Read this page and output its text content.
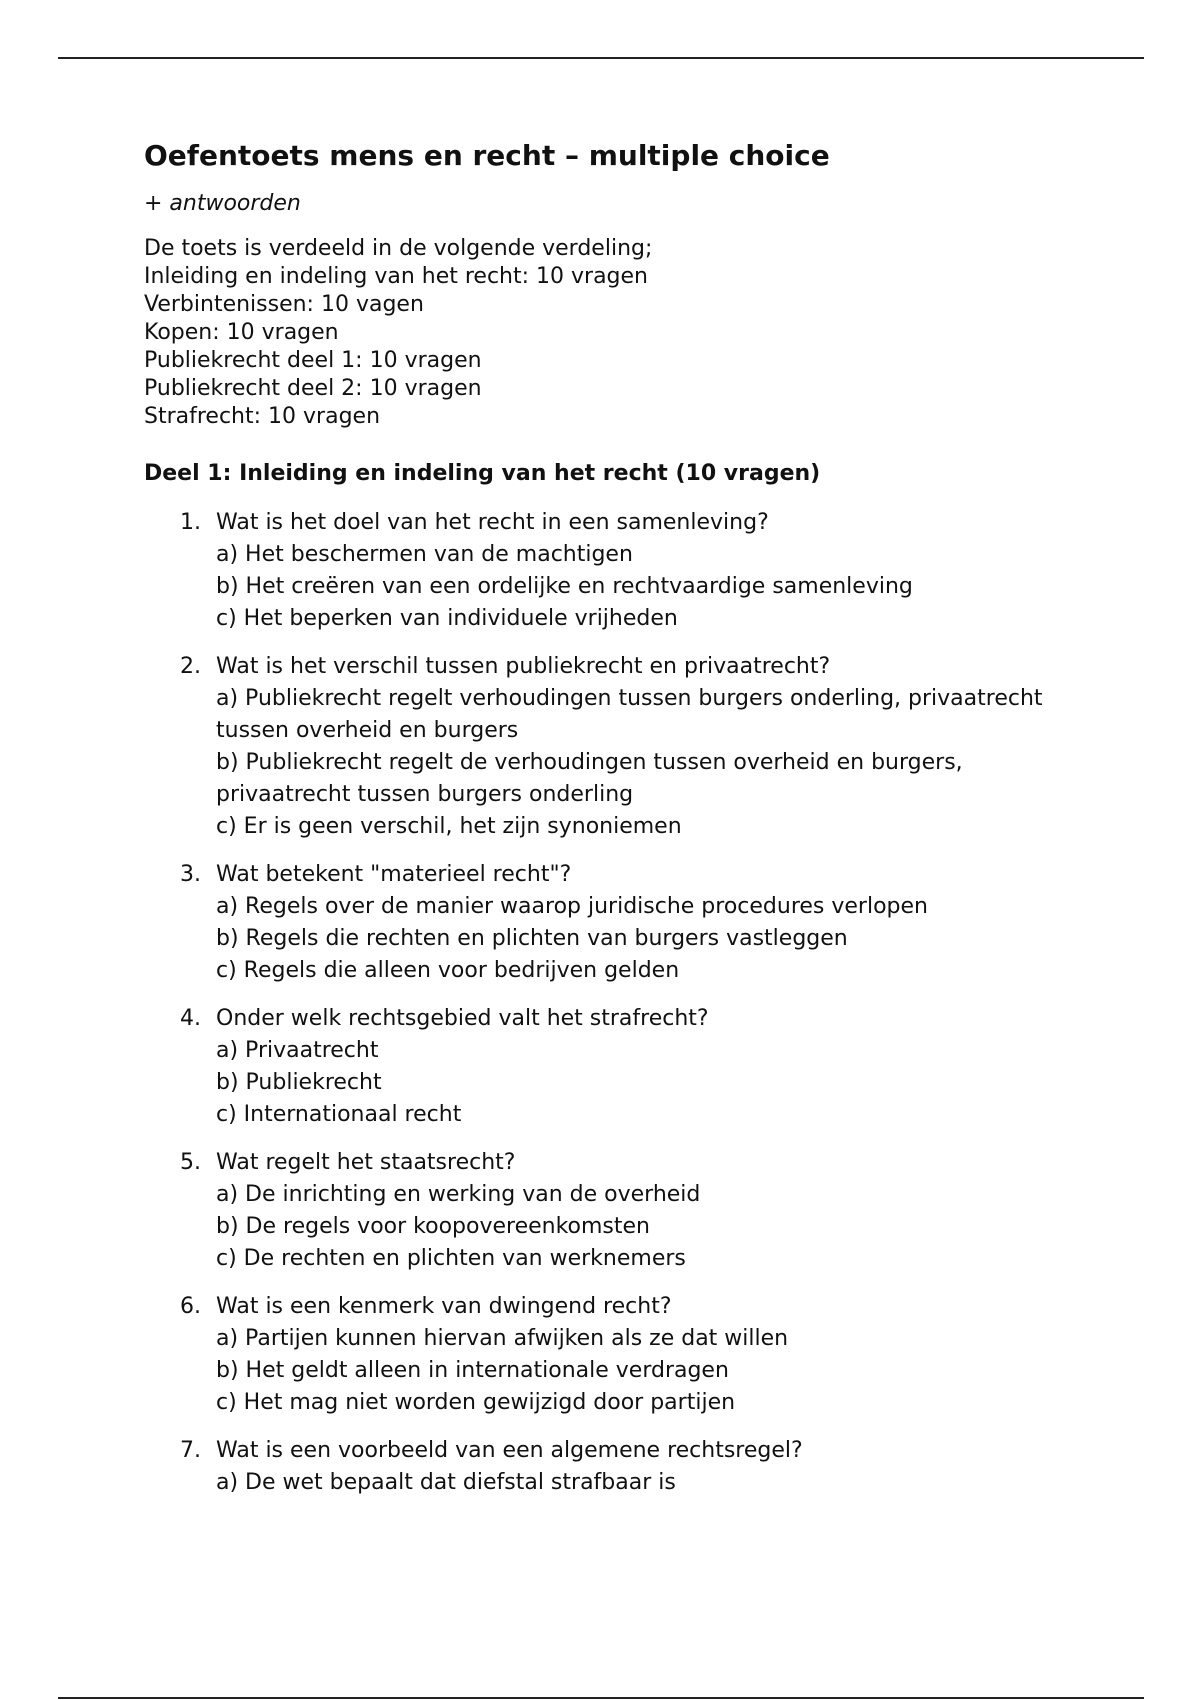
Oefentoets mens en recht – multiple choice
+ antwoorden
De toets is verdeeld in de volgende verdeling;
Inleiding en indeling van het recht: 10 vragen
Verbintenissen: 10 vagen
Kopen: 10 vragen
Publiekrecht deel 1: 10 vragen
Publiekrecht deel 2: 10 vragen
Strafrecht: 10 vragen
Deel 1: Inleiding en indeling van het recht (10 vragen)
1. Wat is het doel van het recht in een samenleving?
a) Het beschermen van de machtigen
b) Het creëren van een ordelijke en rechtvaardige samenleving
c) Het beperken van individuele vrijheden
2. Wat is het verschil tussen publiekrecht en privaatrecht?
a) Publiekrecht regelt verhoudingen tussen burgers onderling, privaatrecht tussen overheid en burgers
b) Publiekrecht regelt de verhoudingen tussen overheid en burgers, privaatrecht tussen burgers onderling
c) Er is geen verschil, het zijn synoniemen
3. Wat betekent "materieel recht"?
a) Regels over de manier waarop juridische procedures verlopen
b) Regels die rechten en plichten van burgers vastleggen
c) Regels die alleen voor bedrijven gelden
4. Onder welk rechtsgebied valt het strafrecht?
a) Privaatrecht
b) Publiekrecht
c) Internationaal recht
5. Wat regelt het staatsrecht?
a) De inrichting en werking van de overheid
b) De regels voor koopovereenkomsten
c) De rechten en plichten van werknemers
6. Wat is een kenmerk van dwingend recht?
a) Partijen kunnen hiervan afwijken als ze dat willen
b) Het geldt alleen in internationale verdragen
c) Het mag niet worden gewijzigd door partijen
7. Wat is een voorbeeld van een algemene rechtsregel?
a) De wet bepaalt dat diefstal strafbaar is
